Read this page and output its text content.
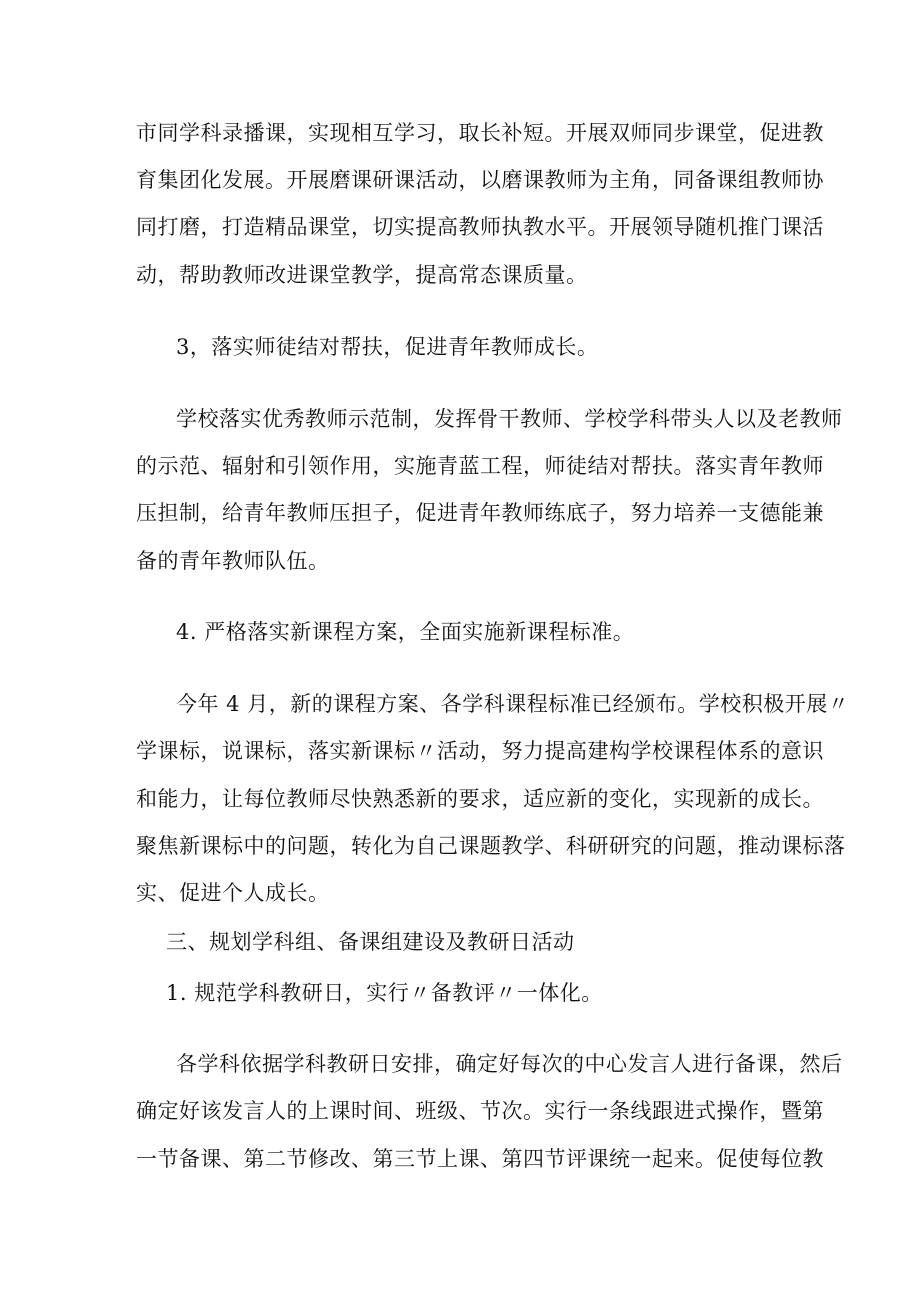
市同学科录播课，实现相互学习，取长补短。开展双师同步课堂，促进教
育集团化发展。开展磨课研课活动，以磨课教师为主角，同备课组教师协
同打磨，打造精品课堂，切实提高教师执教水平。开展领导随机推门课活
动，帮助教师改进课堂教学，提高常态课质量。
3，落实师徒结对帮扶，促进青年教师成长。
学校落实优秀教师示范制，发挥骨干教师、学校学科带头人以及老教师
的示范、辐射和引领作用，实施青蓝工程，师徒结对帮扶。落实青年教师
压担制，给青年教师压担子，促进青年教师练底子，努力培养一支德能兼
备的青年教师队伍。
4. 严格落实新课程方案，全面实施新课程标准。
今年 4 月，新的课程方案、各学科课程标准已经颁布。学校积极开展〃
学课标，说课标，落实新课标〃活动，努力提高建构学校课程体系的意识
和能力，让每位教师尽快熟悉新的要求，适应新的变化，实现新的成长。
聚焦新课标中的问题，转化为自己课题教学、科研研究的问题，推动课标落
实、促进个人成长。
三、规划学科组、备课组建设及教研日活动
1. 规范学科教研日，实行〃备教评〃一体化。
各学科依据学科教研日安排，确定好每次的中心发言人进行备课，然后
确定好该发言人的上课时间、班级、节次。实行一条线跟进式操作，暨第
一节备课、第二节修改、第三节上课、第四节评课统一起来。促使每位教
